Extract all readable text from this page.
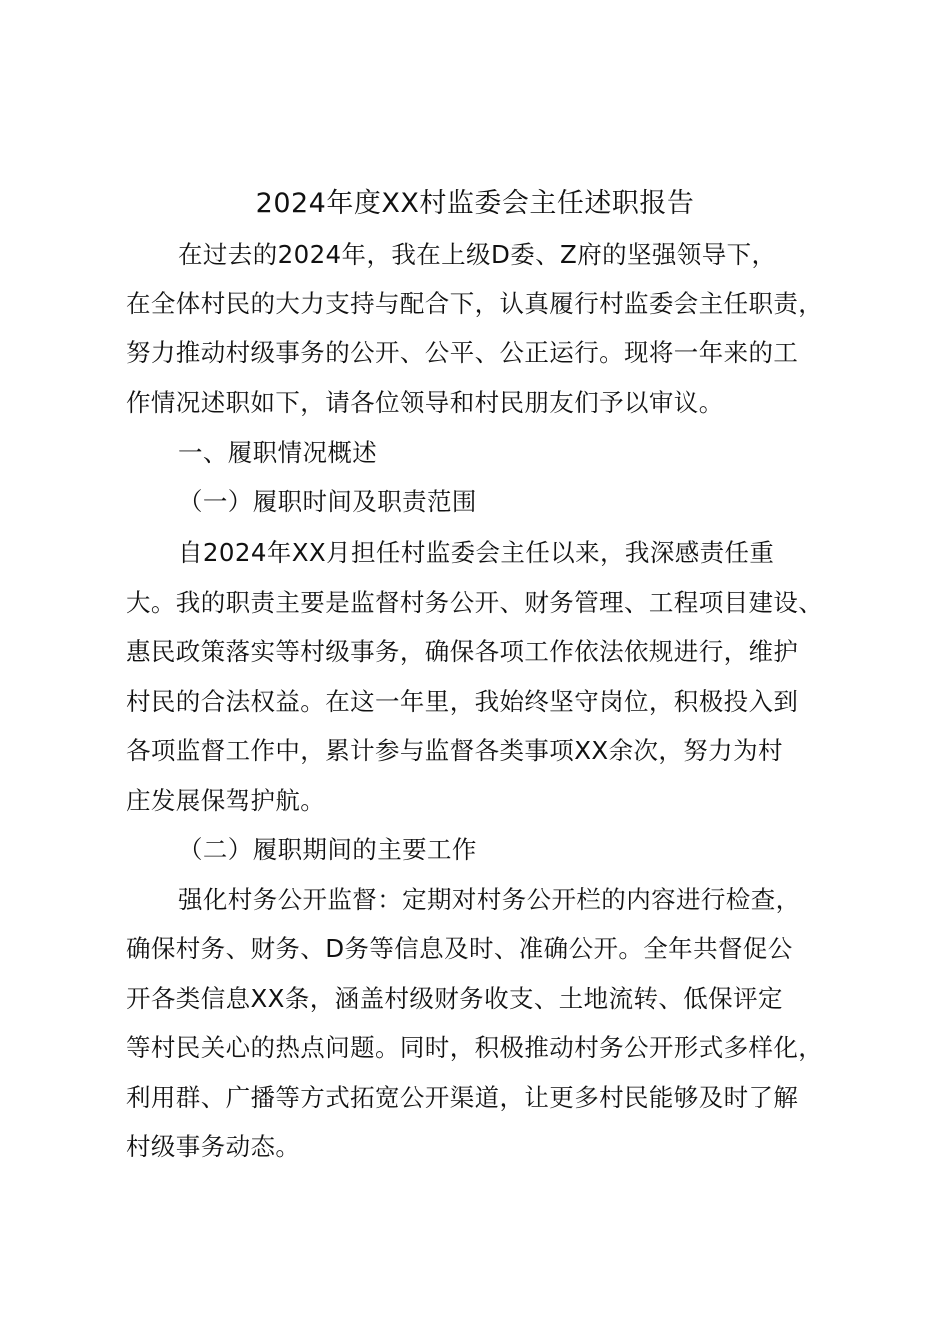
2024年度XX村监委会主任述职报告
在过去的2024年，我在上级D委、Z府的坚强领导下，
在全体村民的大力支持与配合下，认真履行村监委会主任职责，
努力推动村级事务的公开、公平、公正运行。现将一年来的工
作情况述职如下，请各位领导和村民朋友们予以审议。
一、履职情况概述
（一）履职时间及职责范围
自2024年XX月担任村监委会主任以来，我深感责任重
大。我的职责主要是监督村务公开、财务管理、工程项目建设、
惠民政策落实等村级事务，确保各项工作依法依规进行，维护
村民的合法权益。在这一年里，我始终坚守岗位，积极投入到
各项监督工作中，累计参与监督各类事项XX余次，努力为村
庄发展保驾护航。
（二）履职期间的主要工作
强化村务公开监督：定期对村务公开栏的内容进行检查，
确保村务、财务、D务等信息及时、准确公开。全年共督促公
开各类信息XX条，涵盖村级财务收支、土地流转、低保评定
等村民关心的热点问题。同时，积极推动村务公开形式多样化，
利用群、广播等方式拓宽公开渠道，让更多村民能够及时了解
村级事务动态。
